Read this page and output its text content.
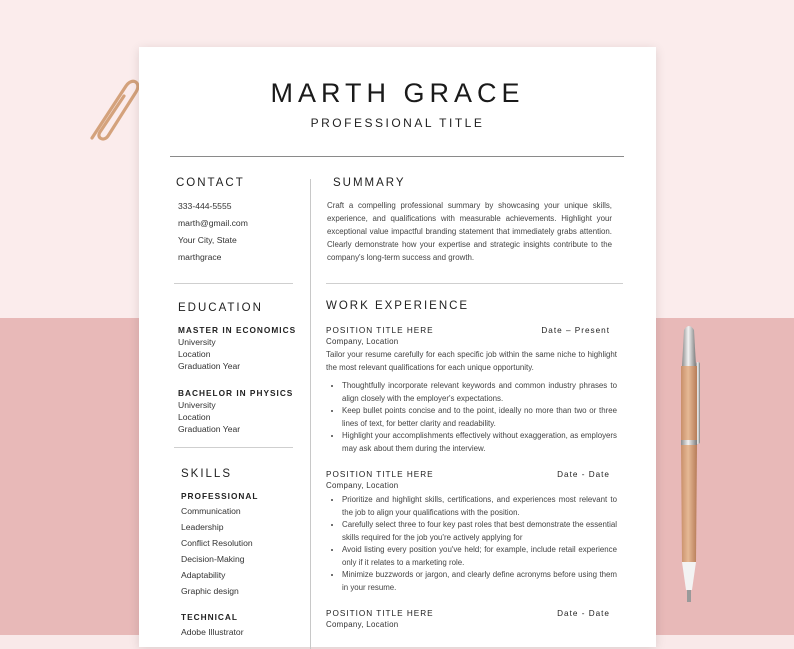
MARTH GRACE
PROFESSIONAL TITLE
CONTACT
333-444-5555
marth@gmail.com
Your City, State
marthgrace
EDUCATION
MASTER IN ECONOMICS
University
Location
Graduation Year
BACHELOR IN PHYSICS
University
Location
Graduation Year
SKILLS
PROFESSIONAL
Communication
Leadership
Conflict Resolution
Decision-Making
Adaptability
Graphic design
TECHNICAL
Adobe Illustrator
SUMMARY
Craft a compelling professional summary by showcasing your unique skills, experience, and qualifications with measurable achievements. Highlight your exceptional value impactful branding statement that immediately grabs attention. Clearly demonstrate how your expertise and strategic insights contribute to the company's long-term success and growth.
WORK EXPERIENCE
POSITION TITLE HERE	Date – Present
Company, Location
Tailor your resume carefully for each specific job within the same niche to highlight the most relevant qualifications for each unique opportunity.
• Thoughtfully incorporate relevant keywords and common industry phrases to align closely with the employer's expectations.
• Keep bullet points concise and to the point, ideally no more than two or three lines of text, for better clarity and readability.
• Highlight your accomplishments effectively without exaggeration, as employers may ask about them during the interview.
POSITION TITLE HERE	Date - Date
Company, Location
• Prioritize and highlight skills, certifications, and experiences most relevant to the job to align your qualifications with the position.
• Carefully select three to four key past roles that best demonstrate the essential skills required for the job you're actively applying for
• Avoid listing every position you've held; for example, include retail experience only if it relates to a marketing role.
• Minimize buzzwords or jargon, and clearly define acronyms before using them in your resume.
POSITION TITLE HERE	Date - Date
Company, Location
